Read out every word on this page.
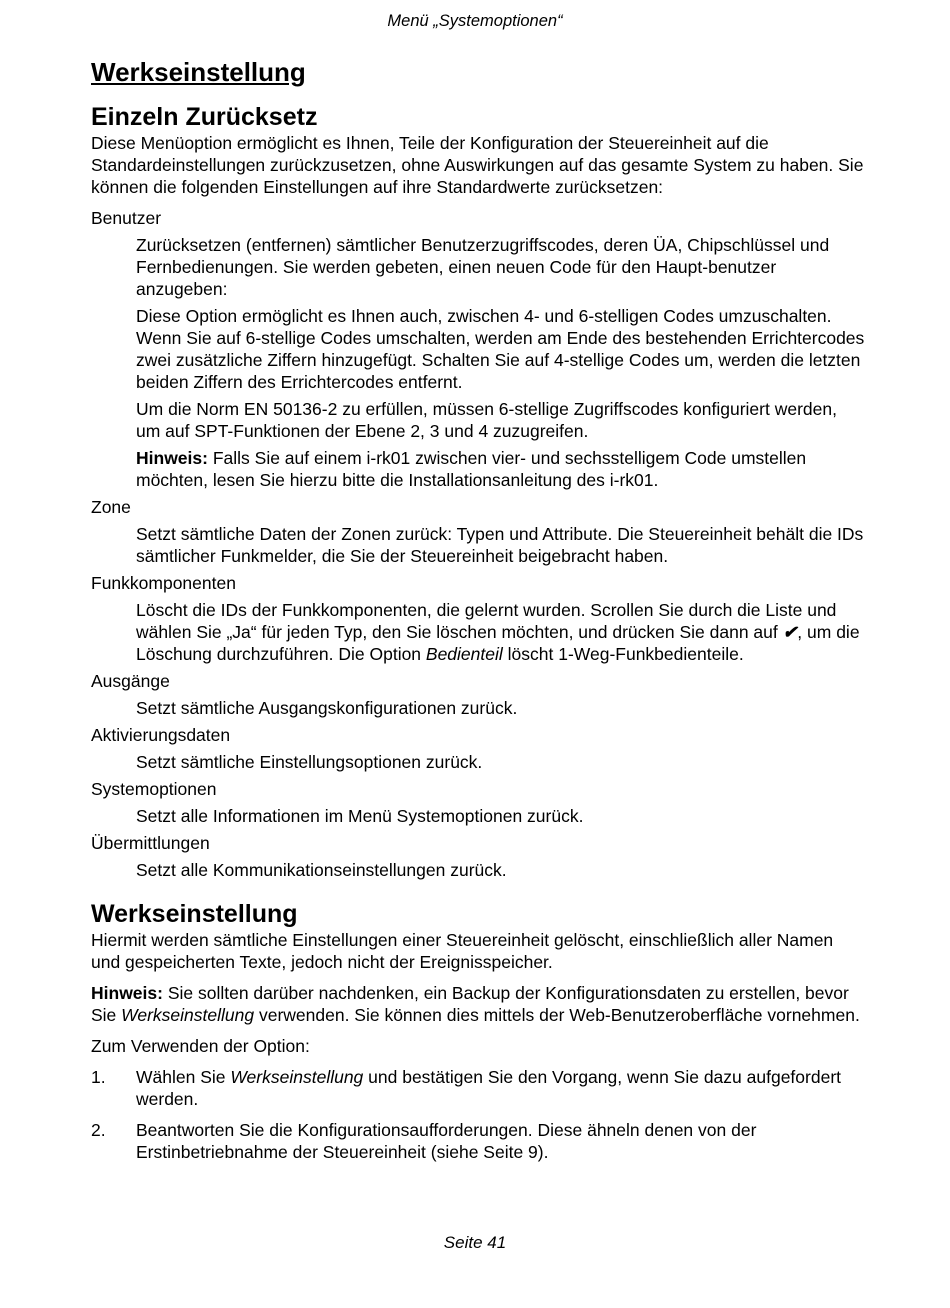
Menü „Systemoptionen“
Werkseinstellung
Einzeln Zurücksetz

Diese Menüoption ermöglicht es Ihnen, Teile der Konfiguration der Steuereinheit auf die Standardeinstellungen zurückzusetzen, ohne Auswirkungen auf das gesamte System zu haben. Sie können die folgenden Einstellungen auf ihre Standardwerte zurücksetzen:

Benutzer

Zurücksetzen (entfernen) sämtlicher Benutzerzugriffscodes, deren ÜA, Chipschlüssel und Fernbedienungen. Sie werden gebeten, einen neuen Code für den Haupt-benutzer anzugeben:

Diese Option ermöglicht es Ihnen auch, zwischen 4- und 6-stelligen Codes umzuschalten. Wenn Sie auf 6-stellige Codes umschalten, werden am Ende des bestehenden Errichtercodes zwei zusätzliche Ziffern hinzugefügt. Schalten Sie auf 4-stellige Codes um, werden die letzten beiden Ziffern des Errichtercodes entfernt.

Um die Norm EN 50136-2 zu erfüllen, müssen 6-stellige Zugriffscodes konfiguriert werden, um auf SPT-Funktionen der Ebene 2, 3 und 4 zuzugreifen.

Hinweis: Falls Sie auf einem i-rk01 zwischen vier- und sechsstelligem Code umstellen möchten, lesen Sie hierzu bitte die Installationsanleitung des i-rk01.

Zone

Setzt sämtliche Daten der Zonen zurück: Typen und Attribute. Die Steuereinheit behält die IDs sämtlicher Funkmelder, die Sie der Steuereinheit beigebracht haben.

Funkkomponenten

Löscht die IDs der Funkkomponenten, die gelernt wurden. Scrollen Sie durch die Liste und wählen Sie „Ja“ für jeden Typ, den Sie löschen möchten, und drücken Sie dann auf ✔, um die Löschung durchzuführen. Die Option Bedienteil löscht 1-Weg-Funkbedienteile.

Ausgänge

Setzt sämtliche Ausgangskonfigurationen zurück.

Aktivierungsdaten

Setzt sämtliche Einstellungsoptionen zurück.

Systemoptionen

Setzt alle Informationen im Menü Systemoptionen zurück.

Übermittlungen

Setzt alle Kommunikationseinstellungen zurück.

Werkseinstellung

Hiermit werden sämtliche Einstellungen einer Steuereinheit gelöscht, einschließlich aller Namen und gespeicherten Texte, jedoch nicht der Ereignisspeicher.

Hinweis: Sie sollten darüber nachdenken, ein Backup der Konfigurationsdaten zu erstellen, bevor Sie Werkseinstellung verwenden. Sie können dies mittels der Web-Benutzeroberfläche vornehmen.

Zum Verwenden der Option:

1. Wählen Sie Werkseinstellung und bestätigen Sie den Vorgang, wenn Sie dazu aufgefordert werden.
2. Beantworten Sie die Konfigurationsaufforderungen. Diese ähneln denen von der Erstinbetriebnahme der Steuereinheit (siehe Seite 9).
Seite 41
